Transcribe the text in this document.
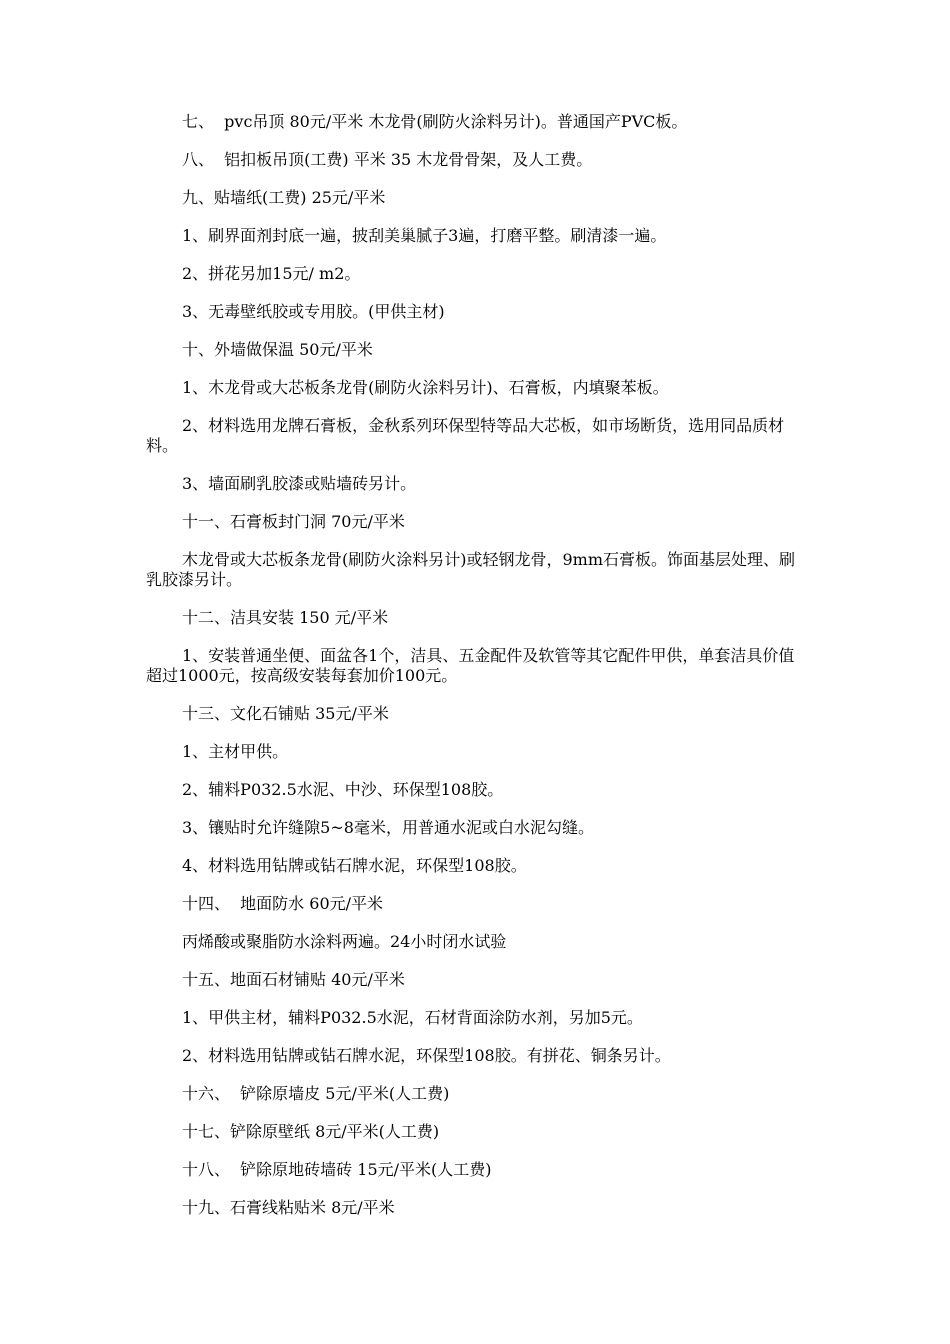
七、  pvc吊顶 80元/平米 木龙骨(刷防火涂料另计)。普通国产PVC板。

八、  铝扣板吊顶(工费) 平米 35 木龙骨骨架，及人工费。

九、贴墙纸(工费) 25元/平米

1、刷界面剂封底一遍，披刮美巢腻子3遍，打磨平整。刷清漆一遍。

2、拼花另加15元/ m2。

3、无毒壁纸胶或专用胶。(甲供主材)

十、外墙做保温 50元/平米

1、木龙骨或大芯板条龙骨(刷防火涂料另计)、石膏板，内填聚苯板。

2、材料选用龙牌石膏板，金秋系列环保型特等品大芯板，如市场断货，选用同品质材料。

3、墙面刷乳胶漆或贴墙砖另计。

十一、石膏板封门洞 70元/平米

木龙骨或大芯板条龙骨(刷防火涂料另计)或轻钢龙骨，9mm石膏板。饰面基层处理、刷乳胶漆另计。

十二、洁具安装 150 元/平米

1、安装普通坐便、面盆各1个，洁具、五金配件及软管等其它配件甲供，单套洁具价值超过1000元，按高级安装每套加价100元。

十三、文化石铺贴 35元/平米

1、主材甲供。

2、辅料P032.5水泥、中沙、环保型108胶。

3、镶贴时允许缝隙5~8毫米，用普通水泥或白水泥勾缝。

4、材料选用钻牌或钻石牌水泥，环保型108胶。

十四、  地面防水 60元/平米

丙烯酸或聚脂防水涂料两遍。24小时闭水试验

十五、地面石材铺贴 40元/平米

1、甲供主材，辅料P032.5水泥，石材背面涂防水剂，另加5元。

2、材料选用钻牌或钻石牌水泥，环保型108胶。有拼花、铜条另计。

十六、  铲除原墙皮 5元/平米(人工费)

十七、铲除原壁纸 8元/平米(人工费)

十八、  铲除原地砖墙砖 15元/平米(人工费)

十九、石膏线粘贴米 8元/平米
